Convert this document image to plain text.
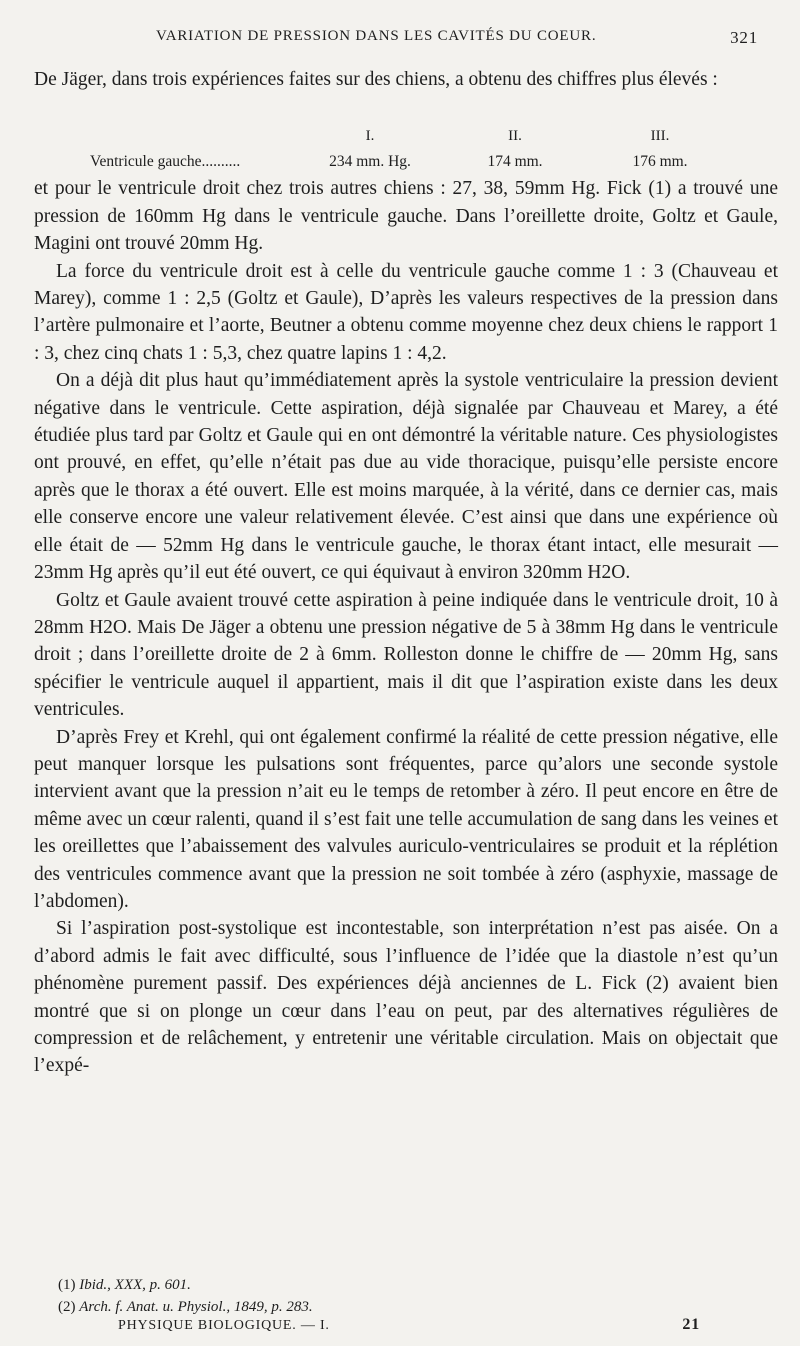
VARIATION DE PRESSION DANS LES CAVITÉS DU COEUR.	321

De Jäger, dans trois expériences faites sur des chiens, a obtenu des chiffres plus élevés :

et pour le ventricule droit chez trois autres chiens : 27, 38, 59mm Hg. Fick (1) a trouvé une pression de 160mm Hg dans le ventricule gauche. Dans l’oreillette droite, Goltz et Gaule, Magini ont trouvé 20mm Hg.

La force du ventricule droit est à celle du ventricule gauche comme 1 : 3 (Chauveau et Marey), comme 1 : 2,5 (Goltz et Gaule), D’après les valeurs respectives de la pression dans l’artère pulmonaire et l’aorte, Beutner a obtenu comme moyenne chez deux chiens le rapport 1 : 3, chez cinq chats 1 : 5,3, chez quatre lapins 1 : 4,2.

On a déjà dit plus haut qu’immédiatement après la systole ventriculaire la pression devient négative dans le ventricule. Cette aspiration, déjà signalée par Chauveau et Marey, a été étudiée plus tard par Goltz et Gaule qui en ont démontré la véritable nature. Ces physiologistes ont prouvé, en effet, qu’elle n’était pas due au vide thoracique, puisqu’elle persiste encore après que le thorax a été ouvert. Elle est moins marquée, à la vérité, dans ce dernier cas, mais elle conserve encore une valeur relativement élevée. C’est ainsi que dans une expérience où elle était de — 52mm Hg dans le ventricule gauche, le thorax étant intact, elle mesurait — 23mm Hg après qu’il eut été ouvert, ce qui équivaut à environ 320mm H2O.

Goltz et Gaule avaient trouvé cette aspiration à peine indiquée dans le ventricule droit, 10 à 28mm H2O. Mais De Jäger a obtenu une pression négative de 5 à 38mm Hg dans le ventricule droit ; dans l’oreillette droite de 2 à 6mm. Rolleston donne le chiffre de — 20mm Hg, sans spécifier le ventricule auquel il appartient, mais il dit que l’aspiration existe dans les deux ventricules.

D’après Frey et Krehl, qui ont également confirmé la réalité de cette pression négative, elle peut manquer lorsque les pulsations sont fréquentes, parce qu’alors une seconde systole intervient avant que la pression n’ait eu le temps de retomber à zéro. Il peut encore en être de même avec un cœur ralenti, quand il s’est fait une telle accumulation de sang dans les veines et les oreillettes que l’abaissement des valvules auriculo-ventriculaires se produit et la réplétion des ventricules commence avant que la pression ne soit tombée à zéro (asphyxie, massage de l’abdomen).

Si l’aspiration post-systolique est incontestable, son interprétation n’est pas aisée. On a d’abord admis le fait avec difficulté, sous l’influence de l’idée que la diastole n’est qu’un phénomène purement passif. Des expériences déjà anciennes de L. Fick (2) avaient bien montré que si on plonge un cœur dans l’eau on peut, par des alternatives régulières de compression et de relâchement, y entretenir une véritable circulation. Mais on objectait que l’expé-

	I.	II.	III.
Ventricule gauche..........	234 mm. Hg.	174 mm.	176 mm.
(1) Ibid., XXX, p. 601.
(2) Arch. f. Anat. u. Physiol., 1849, p. 283.
PHYSIQUE BIOLOGIQUE. — I.	21
